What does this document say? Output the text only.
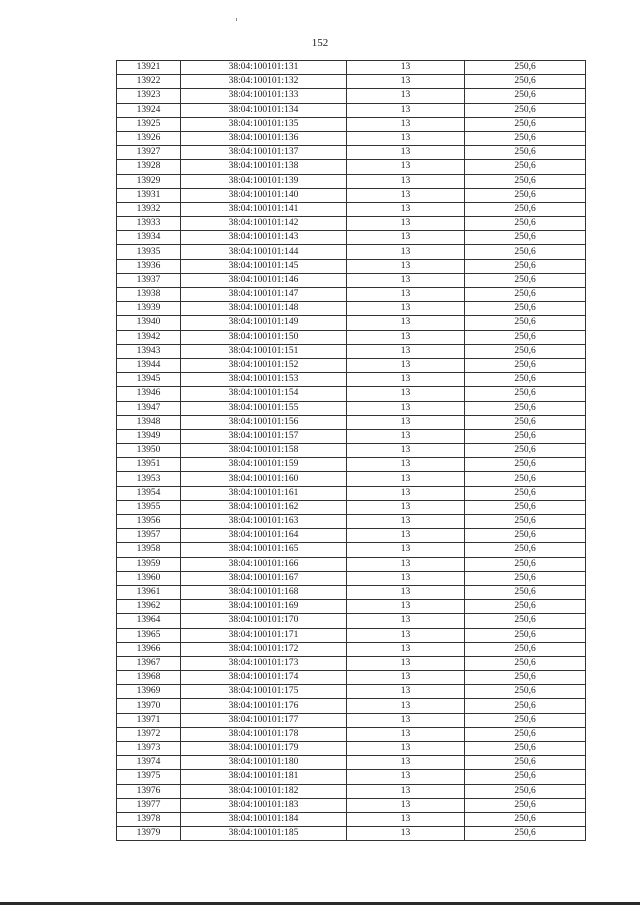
152
13921	38:04:100101:131	13	250,6
13922	38:04:100101:132	13	250,6
13923	38:04:100101:133	13	250,6
13924	38:04:100101:134	13	250,6
13925	38:04:100101:135	13	250,6
13926	38:04:100101:136	13	250,6
13927	38:04:100101:137	13	250,6
13928	38:04:100101:138	13	250,6
13929	38:04:100101:139	13	250,6
13931	38:04:100101:140	13	250,6
13932	38:04:100101:141	13	250,6
13933	38:04:100101:142	13	250,6
13934	38:04:100101:143	13	250,6
13935	38:04:100101:144	13	250,6
13936	38:04:100101:145	13	250,6
13937	38:04:100101:146	13	250,6
13938	38:04:100101:147	13	250,6
13939	38:04:100101:148	13	250,6
13940	38:04:100101:149	13	250,6
13942	38:04:100101:150	13	250,6
13943	38:04:100101:151	13	250,6
13944	38:04:100101:152	13	250,6
13945	38:04:100101:153	13	250,6
13946	38:04:100101:154	13	250,6
13947	38:04:100101:155	13	250,6
13948	38:04:100101:156	13	250,6
13949	38:04:100101:157	13	250,6
13950	38:04:100101:158	13	250,6
13951	38:04:100101:159	13	250,6
13953	38:04:100101:160	13	250,6
13954	38:04:100101:161	13	250,6
13955	38:04:100101:162	13	250,6
13956	38:04:100101:163	13	250,6
13957	38:04:100101:164	13	250,6
13958	38:04:100101:165	13	250,6
13959	38:04:100101:166	13	250,6
13960	38:04:100101:167	13	250,6
13961	38:04:100101:168	13	250,6
13962	38:04:100101:169	13	250,6
13964	38:04:100101:170	13	250,6
13965	38:04:100101:171	13	250,6
13966	38:04:100101:172	13	250,6
13967	38:04:100101:173	13	250,6
13968	38:04:100101:174	13	250,6
13969	38:04:100101:175	13	250,6
13970	38:04:100101:176	13	250,6
13971	38:04:100101:177	13	250,6
13972	38:04:100101:178	13	250,6
13973	38:04:100101:179	13	250,6
13974	38:04:100101:180	13	250,6
13975	38:04:100101:181	13	250,6
13976	38:04:100101:182	13	250,6
13977	38:04:100101:183	13	250,6
13978	38:04:100101:184	13	250,6
13979	38:04:100101:185	13	250,6
